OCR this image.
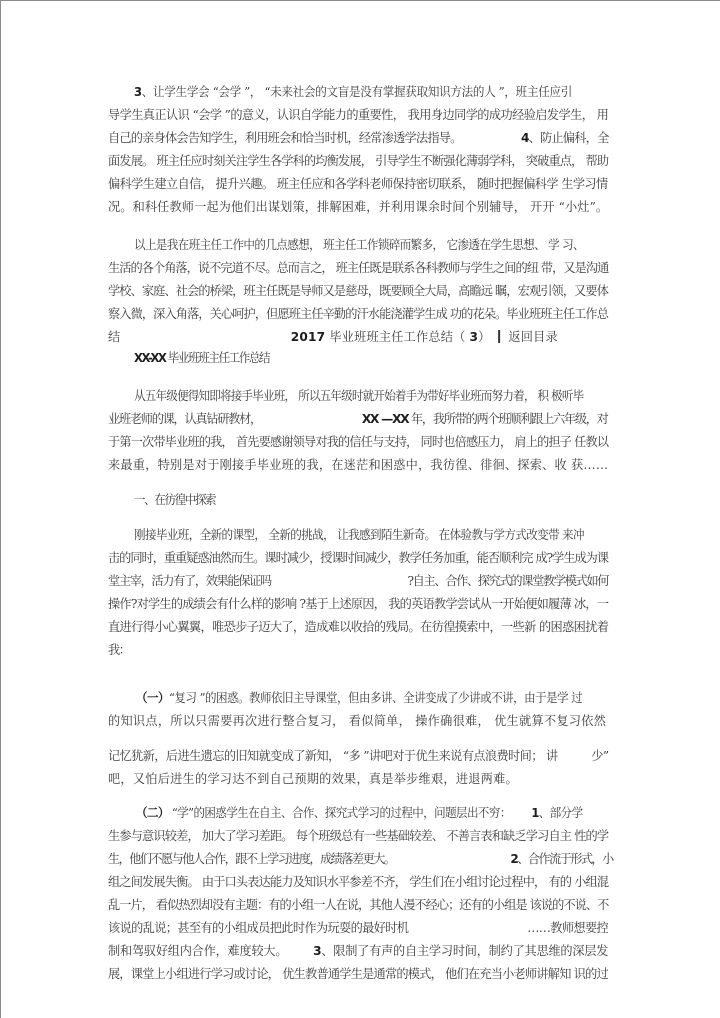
3、让学生学会 “会学 ”， “未来社会的文盲是没有掌握获取知识方法的人 ”，班主任应引
导学生真正认识 “会学 ”的意义，认识自学能力的重要性， 我用身边同学的成功经验启发学生， 用
自己的亲身体会告知学生，利用班会和恰当时机，经常渗透学法指导。	4、防止偏科，全
面发展。 班主任应时刻关注学生各学科的均衡发展， 引导学生不断强化薄弱学科， 突破重点， 帮助
偏科学生建立自信， 提升兴趣。 班主任应和各学科老师保持密切联系， 随时把握偏科学 生学习情
况。和科任教师一起为他们出谋划策，排解困难，并利用课余时间个别辅导， 开开 “小灶”。
以上是我在班主任工作中的几点感想， 班主任工作锁碎而繁多， 它渗透在学生思想、 学 习、
生活的各个角落，说不完道不尽。总而言之， 班主任既是联系各科教师与学生之间的纽 带，又是沟通
学校、家庭、社会的桥梁，班主任既是导师又是慈母，既要顾全大局，高瞻远 瞩，宏观引领，又要体
察入微，深入角落，关心呵护，但愿班主任辛勤的汗水能浇灌学生成 功的花朵。毕业班班主任工作总
结	2017 毕业班班主任工作总结（ 3） 返回目录
XX-XX 毕业班班主任工作总结
从五年级便得知即将接手毕业班， 所以五年级时就开始着手为带好毕业班而努力着， 积 极听毕
业班老师的课，认真钻研教材，	XX —XX 年，我所带的两个班顺利跟上六年级，对
于第一次带毕业班的我， 首先要感谢领导对我的信任与支持， 同时也倍感压力， 肩上的担子 任教以
来最重，特别是对于刚接手毕业班的我，在迷茫和困惑中，我彷徨、徘徊、探索、收 获……
一、在彷徨中探索
刚接毕业班，全新的课型， 全新的挑战， 让我感到陌生新奇。 在体验教与学方式改变带 来冲
击的同时，重重疑惑油然而生。课时减少，授课时间减少，教学任务加重，能否顺利完 成?学生成为课
堂主宰，活力有了，效果能保证吗	?自主、合作、探究式的课堂教学模式如何
操作?对学生的成绩会有什么样的影响 ?基于上述原因， 我的英语教学尝试从一开始便如履薄 冰，一
直进行得小心翼翼，唯恐步子迈大了，造成难以收拾的残局。在彷徨摸索中，一些新 的困惑困扰着
我：
（一）“复习 ”的困惑。教师依旧主导课堂，但由多讲、全讲变成了少讲或不讲，由于是学 过
的知识点，所以只需要再次进行整合复习， 看似简单， 操作确很难， 优生就算不复习依然
记忆犹新，后进生遗忘的旧知就变成了新知， “多 ”讲吧对于优生来说有点浪费时间； 讲	少”
吧，又怕后进生的学习达不到自己预期的效果，真是举步维艰，进退两难。
（二） “学”的困惑学生在自主、合作、探究式学习的过程中，问题层出不穷： 1、部分学
生参与意识较差， 加大了学习差距。 每个班级总有一些基础较差、 不善言表和缺乏学习自主 性的学
生，他们不愿与他人合作，跟不上学习进度，成绩落差更大。	2、合作流于形式，小
组之间发展失衡。 由于口头表达能力及知识水平参差不齐， 学生们在小组讨论过程中， 有的 小组混
乱一片， 看似热烈却没有主题：有的小组一人在说，其他人漫不经心；还有的小组是 该说的不说、不
该说的乱说；甚至有的小组成员把此时作为玩耍的最好时机	……教师想要控
制和驾驭好组内合作，难度较大。 3、限制了有声的自主学习时间，制约了其思维的深层发
展，课堂上小组进行学习或讨论， 优生教普通学生是通常的模式， 他们在充当小老师讲解知 识的过
